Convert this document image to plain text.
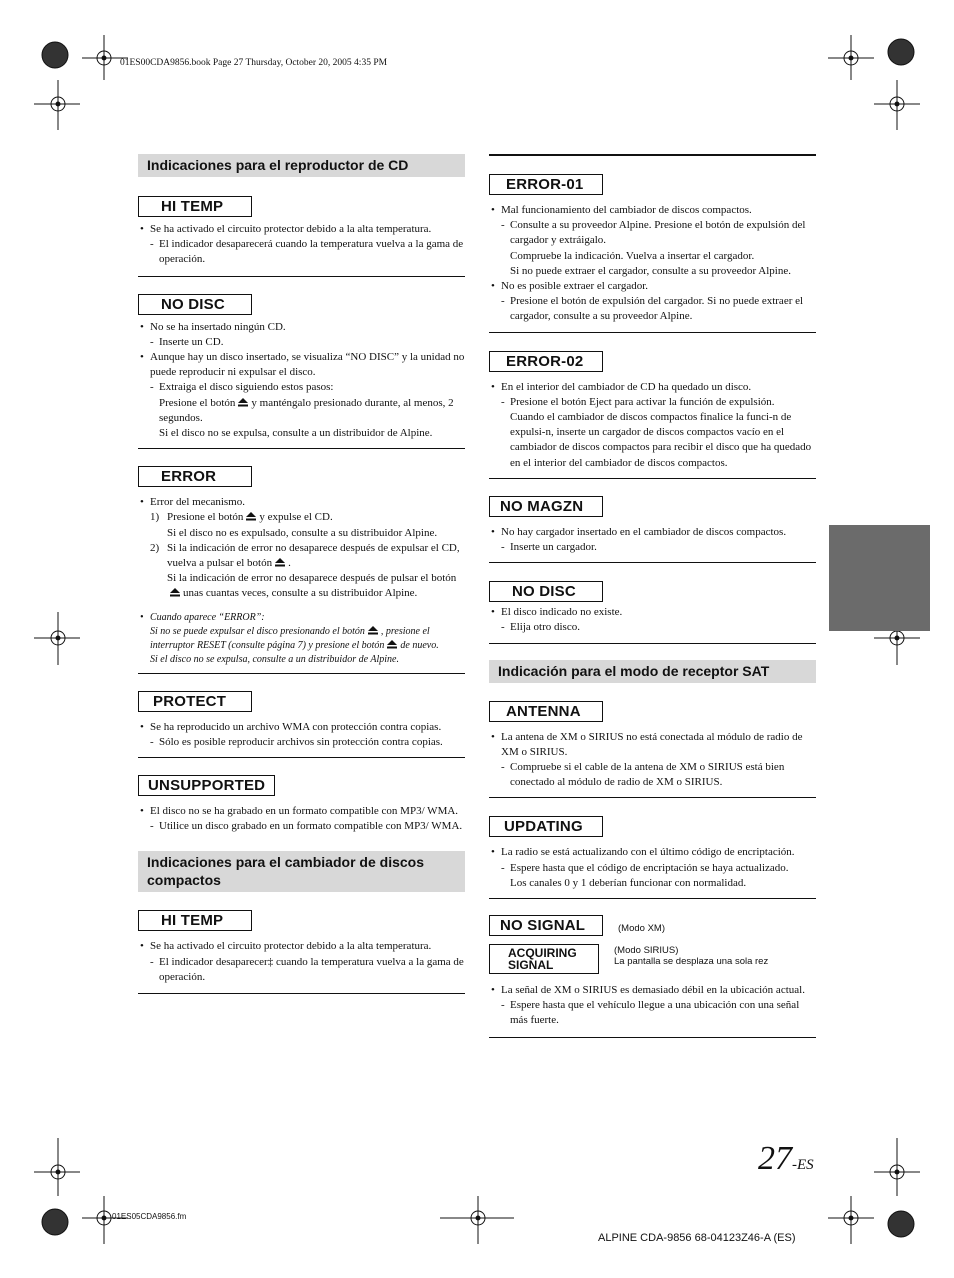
01ES00CDA9856.book Page 27 Thursday, October 20, 2005 4:35 PM
Indicaciones para el reproductor de CD
HI TEMP
• Se ha activado el circuito protector debido a la alta temperatura.
- El indicador desaparecerá cuando la temperatura vuelva a la gama de operación.
NO DISC
• No se ha insertado ningún CD.
- Inserte un CD.
• Aunque hay un disco insertado, se visualiza “NO DISC” y la unidad no puede reproducir ni expulsar el disco.
- Extraiga el disco siguiendo estos pasos:
Presione el botón y manténgalo presionado durante, al menos, 2 segundos.
Si el disco no se expulsa, consulte a un distribuidor de Alpine.
ERROR
• Error del mecanismo.
1) Presione el botón y expulse el CD.
Si el disco no es expulsado, consulte a su distribuidor Alpine.
2) Si la indicación de error no desaparece después de expulsar el CD, vuelva a pulsar el botón .
Si la indicación de error no desaparece después de pulsar el botónunas cuantas veces, consulte a su distribuidor Alpine.
• Cuando aparece “ERROR”:
Si no se puede expulsar el disco presionando el botón , presione el interruptor RESET (consulte página 7) y presione el botón de nuevo.
Si el disco no se expulsa, consulte a un distribuidor de Alpine.
PROTECT
• Se ha reproducido un archivo WMA con protección contra copias.
- Sólo es posible reproducir archivos sin protección contra copias.
UNSUPPORTED
• El disco no se ha grabado en un formato compatible con MP3/ WMA.
- Utilice un disco grabado en un formato compatible con MP3/ WMA.
Indicaciones para el cambiador de discos compactos
HI TEMP
• Se ha activado el circuito protector debido a la alta temperatura.
- El indicador desaparecer‡ cuando la temperatura vuelva a la gama de operación.
ERROR-01
• Mal funcionamiento del cambiador de discos compactos.
- Consulte a su proveedor Alpine. Presione el botón de expulsión del cargador y extráigalo.
Compruebe la indicación. Vuelva a insertar el cargador.
Si no puede extraer el cargador, consulte a su proveedor Alpine.
• No es posible extraer el cargador.
- Presione el botón de expulsión del cargador. Si no puede extraer el cargador, consulte a su proveedor Alpine.
ERROR-02
• En el interior del cambiador de CD ha quedado un disco.
- Presione el botón Eject para activar la función de expulsión.
Cuando el cambiador de discos compactos finalice la funci-n de expulsi-n, inserte un cargador de discos compactos vacío en el cambiador de discos compactos para recibir el disco que ha quedado en el interior del cambiador de discos compactos.
NO MAGZN
• No hay cargador insertado en el cambiador de discos compactos.
- Inserte un cargador.
NO DISC
• El disco indicado no existe.
- Elija otro disco.
Indicación para el modo de receptor SAT
ANTENNA
• La antena de XM o SIRIUS no está conectada al módulo de radio de XM o SIRIUS.
- Compruebe si el cable de la antena de XM o SIRIUS está bien conectado al módulo de radio de XM o SIRIUS.
UPDATING
• La radio se está actualizando con el último código de encriptación.
- Espere hasta que el código de encriptación se haya actualizado.
Los canales 0 y 1 deberían funcionar con normalidad.
NO SIGNAL	(Modo XM)
ACQUIRING
SIGNAL
(Modo SIRIUS)
La pantalla se desplaza una sola rez
• La señal de XM o SIRIUS es demasiado débil en la ubicación actual.
- Espere hasta que el vehículo llegue a una ubicación con una señal más fuerte.
27-ES
01ES05CDA9856.fm
ALPINE CDA-9856 68-04123Z46-A (ES)
